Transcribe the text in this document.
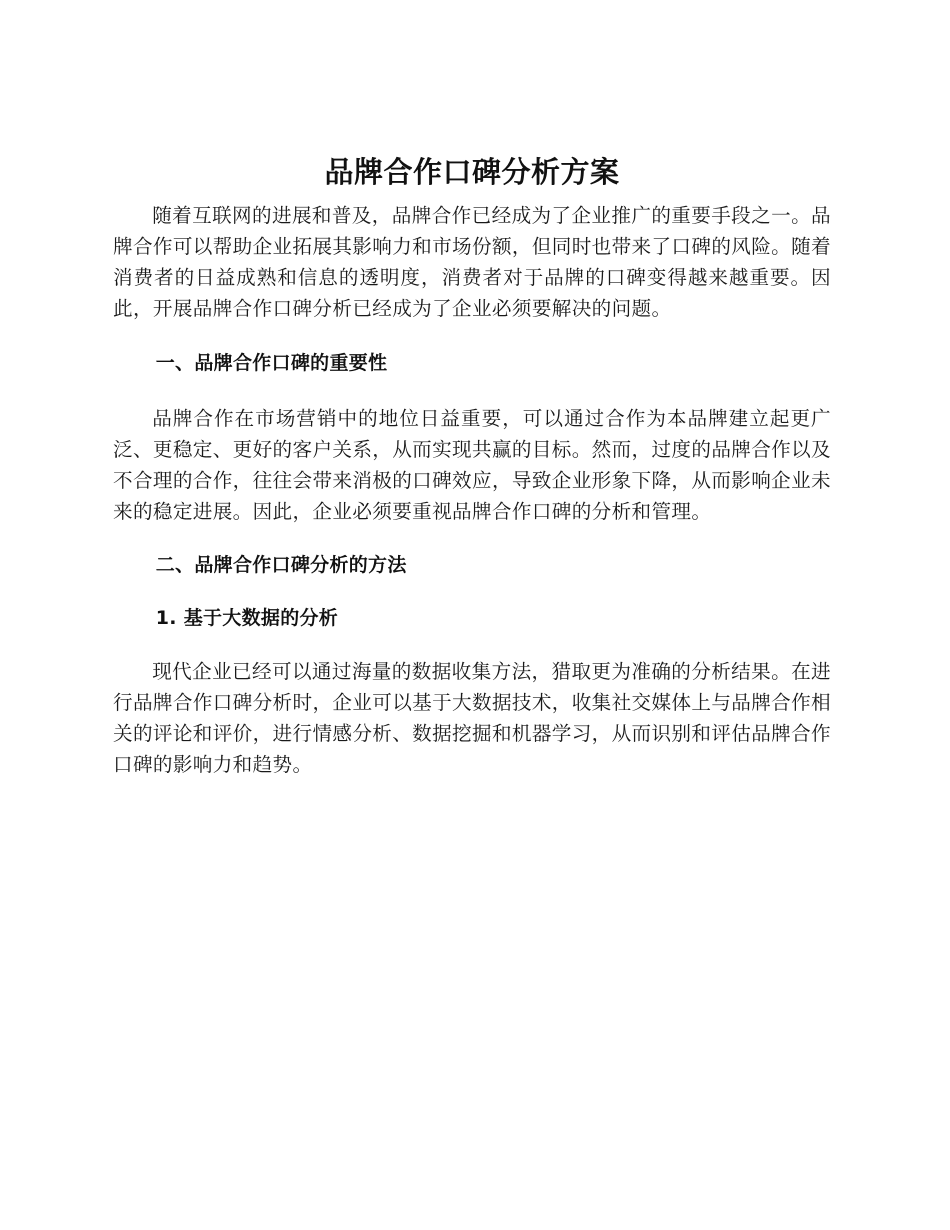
品牌合作口碑分析方案

随着互联网的进展和普及，品牌合作已经成为了企业推广的重要手段之一。品牌合作可以帮助企业拓展其影响力和市场份额，但同时也带来了口碑的风险。随着消费者的日益成熟和信息的透明度，消费者对于品牌的口碑变得越来越重要。因此，开展品牌合作口碑分析已经成为了企业必须要解决的问题。

一、品牌合作口碑的重要性

品牌合作在市场营销中的地位日益重要，可以通过合作为本品牌建立起更广泛、更稳定、更好的客户关系，从而实现共赢的目标。然而，过度的品牌合作以及不合理的合作，往往会带来消极的口碑效应，导致企业形象下降，从而影响企业未来的稳定进展。因此，企业必须要重视品牌合作口碑的分析和管理。

二、品牌合作口碑分析的方法
1. 基于大数据的分析

现代企业已经可以通过海量的数据收集方法，猎取更为准确的分析结果。在进行品牌合作口碑分析时，企业可以基于大数据技术，收集社交媒体上与品牌合作相关的评论和评价，进行情感分析、数据挖掘和机器学习，从而识别和评估品牌合作口碑的影响力和趋势。
